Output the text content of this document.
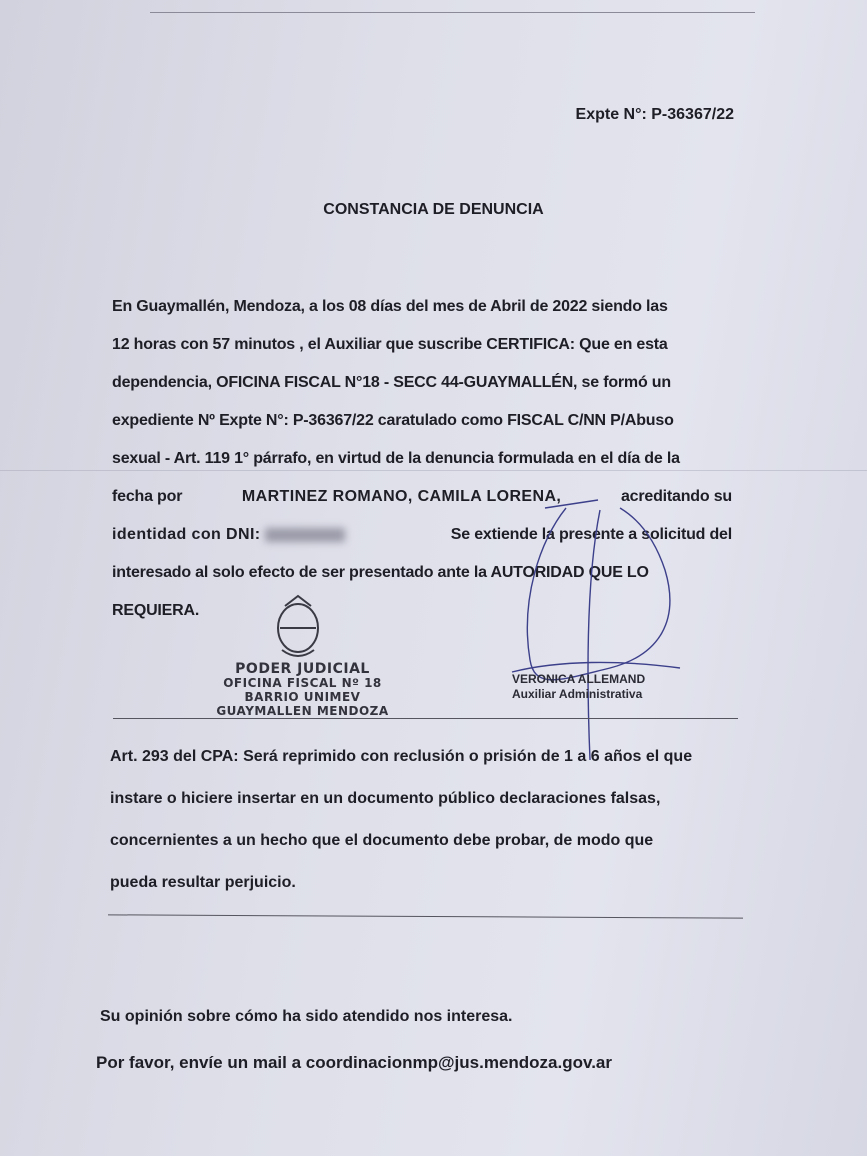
Expte N°: P-36367/22
CONSTANCIA DE DENUNCIA
En Guaymallén, Mendoza, a los 08 días del mes de Abril de 2022 siendo las
12 horas con 57 minutos , el Auxiliar que suscribe CERTIFICA: Que en esta
dependencia, OFICINA FISCAL N°18 - SECC 44-GUAYMALLÉN, se formó un
expediente Nº Expte N°: P-36367/22 caratulado como FISCAL C/NN P/Abuso
sexual - Art. 119 1° párrafo, en virtud de la denuncia formulada en el día de la
fecha por	MARTINEZ ROMANO, CAMILA LORENA,	acreditando su
identidad con DNI:	Se extiende la presente a solicitud del
interesado al solo efecto de ser presentado ante la AUTORIDAD QUE LO
REQUIERA.
PODER JUDICIAL
OFICINA FISCAL Nº 18
BARRIO UNIMEV
GUAYMALLEN MENDOZA
VERONICA ALLEMAND
Auxiliar Administrativa
Art. 293 del CPA: Será reprimido con reclusión o prisión de 1 a 6 años el que
instare o hiciere insertar en un documento público declaraciones falsas,
concernientes a un hecho que el documento debe probar, de modo que
pueda resultar perjuicio.
Su opinión sobre cómo ha sido atendido nos interesa.
Por favor, envíe un mail a coordinacionmp@jus.mendoza.gov.ar
